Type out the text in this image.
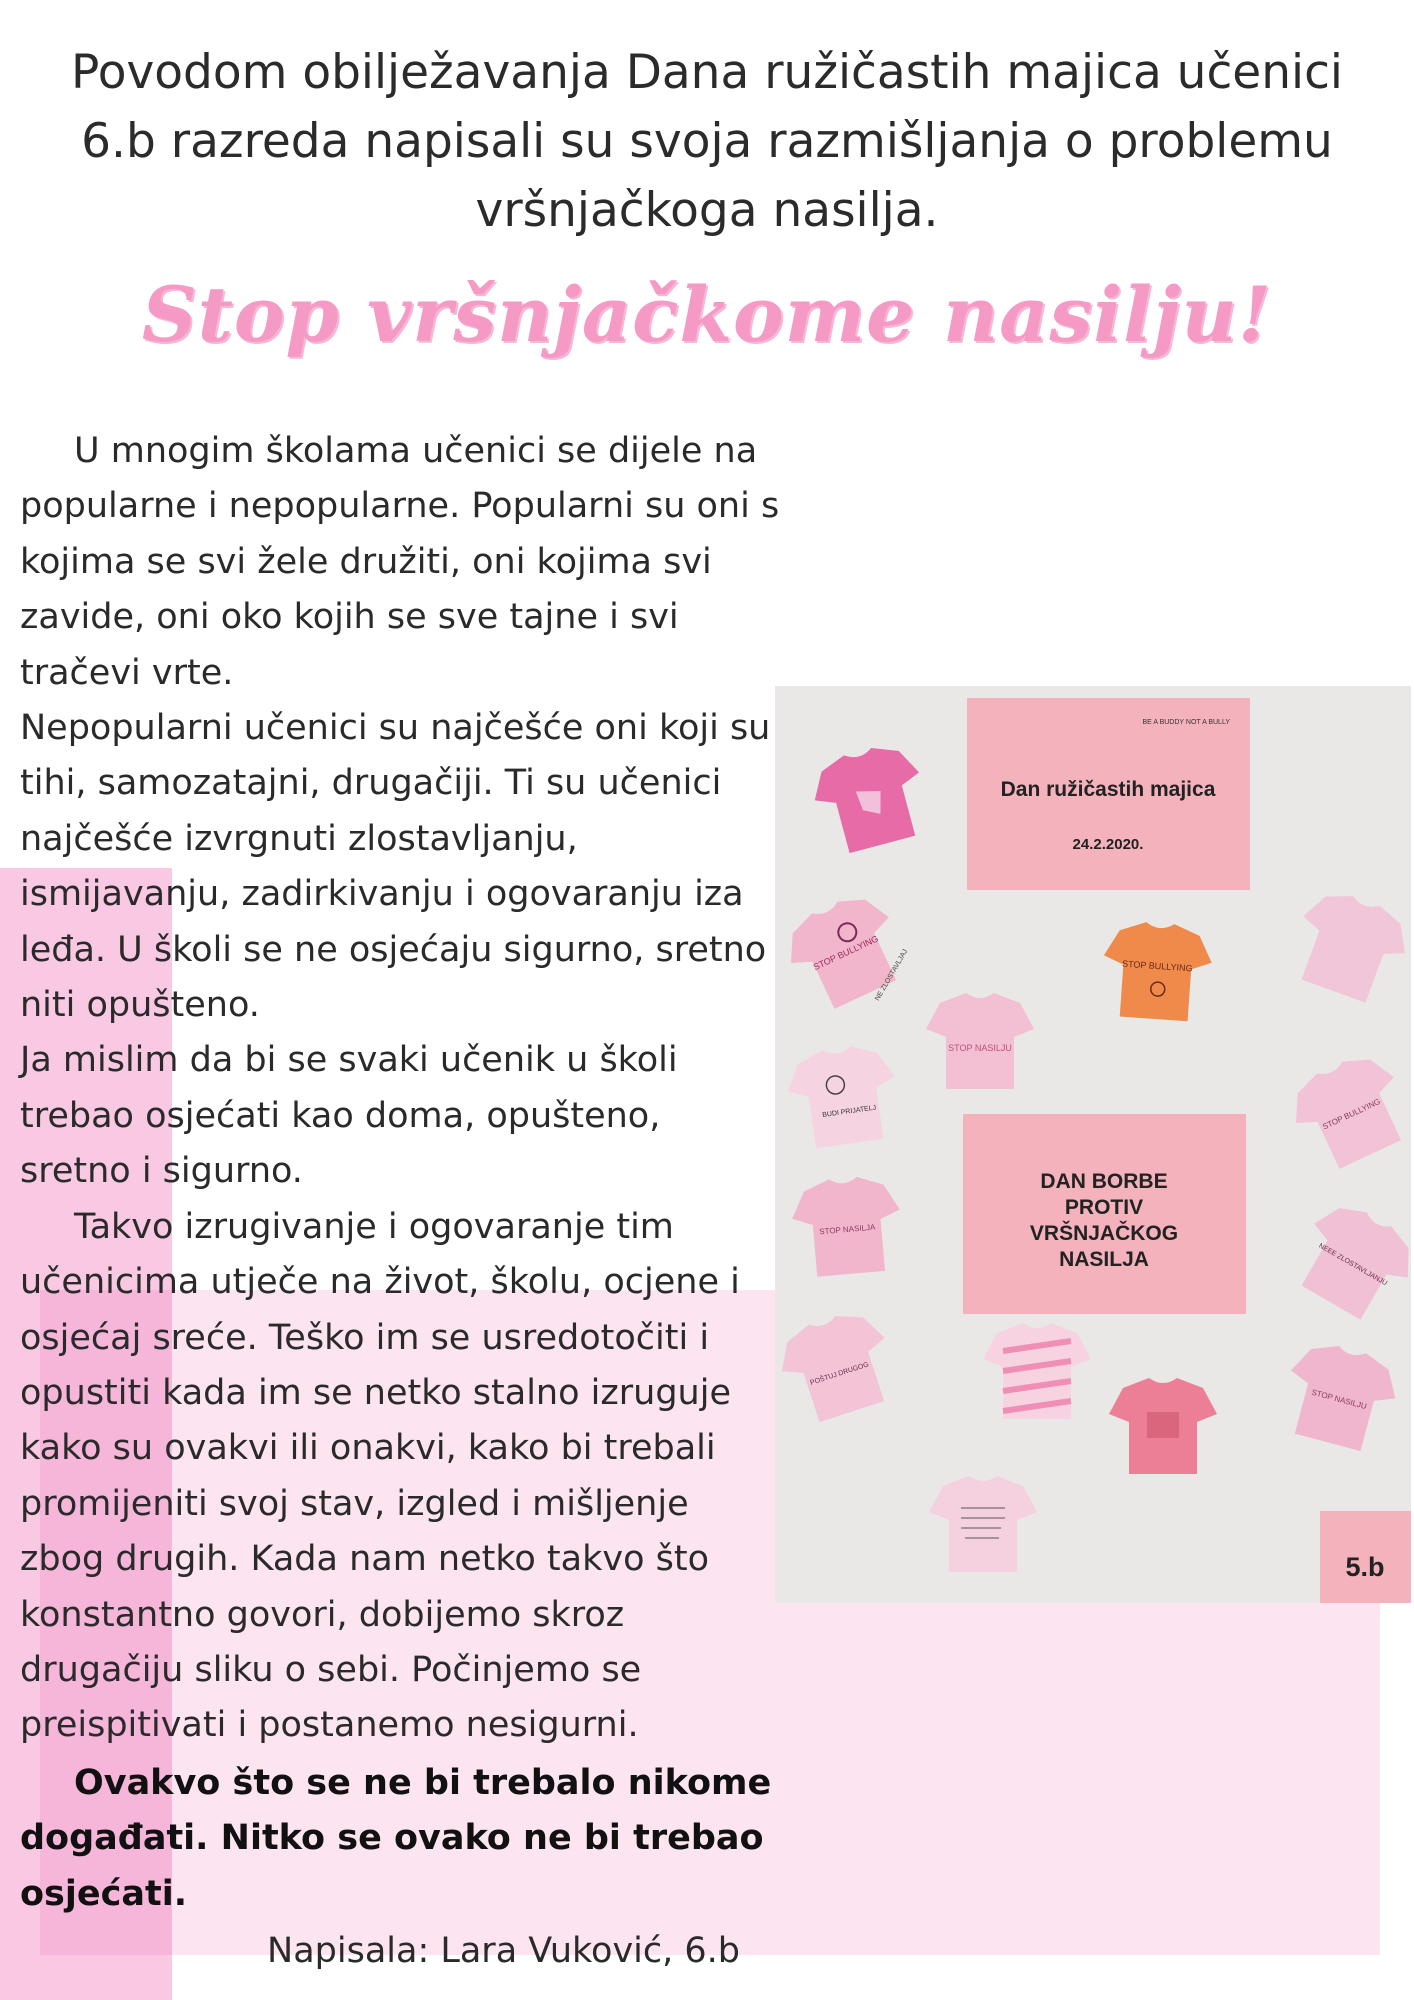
Povodom obilježavanja Dana ružičastih majica učenici 6.b razreda napisali su svoja razmišljanja o problemu vršnjačkoga nasilja.

Stop vršnjačkome nasilju!

U mnogim školama učenici se dijele na popularne i nepopularne. Popularni su oni s kojima se svi žele družiti, oni kojima svi zavide, oni oko kojih se sve tajne i svi tračevi vrte.

Nepopularni učenici su najčešće oni koji su tihi, samozatajni, drugačiji. Ti su učenici najčešće izvrgnuti zlostavljanju, ismijavanju, zadirkivanju i ogovaranju iza leđa. U školi se ne osjećaju sigurno, sretno niti opušteno.

Ja mislim da bi se svaki učenik u školi trebao osjećati kao doma, opušteno, sretno i sigurno.

Takvo izrugivanje i ogovaranje tim učenicima utječe na život, školu, ocjene i osjećaj sreće. Teško im se usredotočiti i opustiti kada im se netko stalno izruguje kako su ovakvi ili onakvi, kako bi trebali promijeniti svoj stav, izgled i mišljenje zbog drugih. Kada nam netko takvo što konstantno govori, dobijemo skroz drugačiju sliku o sebi. Počinjemo se preispitivati i postanemo nesigurni.

Ovakvo što se ne bi trebalo nikome događati. Nitko se ovako ne bi trebao osjećati.

Napisala: Lara Vuković, 6.b

BE A BUDDY NOT A BULLY
Dan ružičastih majica
24.2.2020.
DAN BORBE
PROTIV
VRŠNJAČKOG
NASILJA
5.b
STOP BULLYING	STOP BULLYING
STOP NASILJU
BUDI PRIJATELJ	STOP BULLYING
STOP NASILJA
NEEE ZLOSTAVLJANJU
POŠTUJ DRUGOG
STOP NASILJU
NE ZLOSTAVLJAJ
